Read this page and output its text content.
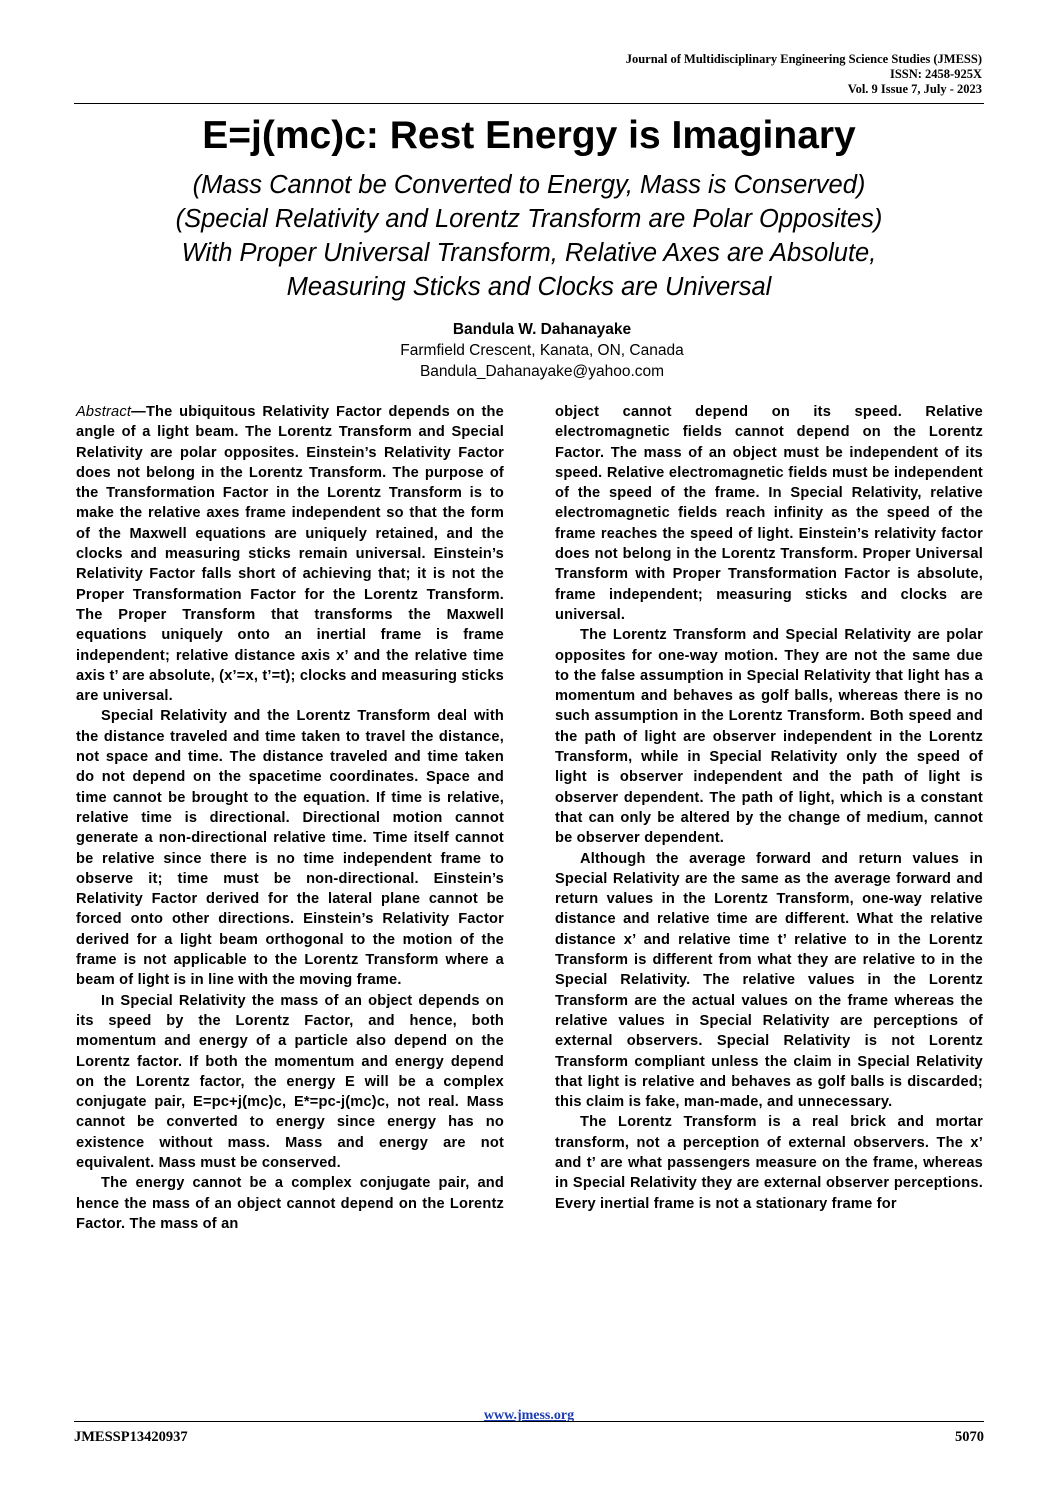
Journal of Multidisciplinary Engineering Science Studies (JMESS)
ISSN: 2458-925X
Vol. 9 Issue 7, July - 2023
E=j(mc)c: Rest Energy is Imaginary
(Mass Cannot be Converted to Energy, Mass is Conserved)
(Special Relativity and Lorentz Transform are Polar Opposites)
With Proper Universal Transform, Relative Axes are Absolute,
Measuring Sticks and Clocks are Universal
Bandula W. Dahanayake
Farmfield Crescent, Kanata, ON, Canada
Bandula_Dahanayake@yahoo.com

Abstract—The ubiquitous Relativity Factor depends on the angle of a light beam. The Lorentz Transform and Special Relativity are polar opposites. Einstein’s Relativity Factor does not belong in the Lorentz Transform. The purpose of the Transformation Factor in the Lorentz Transform is to make the relative axes frame independent so that the form of the Maxwell equations are uniquely retained, and the clocks and measuring sticks remain universal. Einstein’s Relativity Factor falls short of achieving that; it is not the Proper Transformation Factor for the Lorentz Transform. The Proper Transform that transforms the Maxwell equations uniquely onto an inertial frame is frame independent; relative distance axis x’ and the relative time axis t’ are absolute, (x’=x, t’=t); clocks and measuring sticks are universal.

Special Relativity and the Lorentz Transform deal with the distance traveled and time taken to travel the distance, not space and time. The distance traveled and time taken do not depend on the spacetime coordinates. Space and time cannot be brought to the equation. If time is relative, relative time is directional. Directional motion cannot generate a non-directional relative time. Time itself cannot be relative since there is no time independent frame to observe it; time must be non-directional. Einstein’s Relativity Factor derived for the lateral plane cannot be forced onto other directions. Einstein’s Relativity Factor derived for a light beam orthogonal to the motion of the frame is not applicable to the Lorentz Transform where a beam of light is in line with the moving frame.

In Special Relativity the mass of an object depends on its speed by the Lorentz Factor, and hence, both momentum and energy of a particle also depend on the Lorentz factor. If both the momentum and energy depend on the Lorentz factor, the energy E will be a complex conjugate pair, E=pc+j(mc)c, E*=pc-j(mc)c, not real. Mass cannot be converted to energy since energy has no existence without mass. Mass and energy are not equivalent. Mass must be conserved.

The energy cannot be a complex conjugate pair, and hence the mass of an object cannot depend on the Lorentz Factor. The mass of an

object cannot depend on its speed. Relative electromagnetic fields cannot depend on the Lorentz Factor. The mass of an object must be independent of its speed. Relative electromagnetic fields must be independent of the speed of the frame. In Special Relativity, relative electromagnetic fields reach infinity as the speed of the frame reaches the speed of light. Einstein’s relativity factor does not belong in the Lorentz Transform. Proper Universal Transform with Proper Transformation Factor is absolute, frame independent; measuring sticks and clocks are universal.

The Lorentz Transform and Special Relativity are polar opposites for one-way motion. They are not the same due to the false assumption in Special Relativity that light has a momentum and behaves as golf balls, whereas there is no such assumption in the Lorentz Transform. Both speed and the path of light are observer independent in the Lorentz Transform, while in Special Relativity only the speed of light is observer independent and the path of light is observer dependent. The path of light, which is a constant that can only be altered by the change of medium, cannot be observer dependent.

Although the average forward and return values in Special Relativity are the same as the average forward and return values in the Lorentz Transform, one-way relative distance and relative time are different. What the relative distance x’ and relative time t’ relative to in the Lorentz Transform is different from what they are relative to in the Special Relativity. The relative values in the Lorentz Transform are the actual values on the frame whereas the relative values in Special Relativity are perceptions of external observers. Special Relativity is not Lorentz Transform compliant unless the claim in Special Relativity that light is relative and behaves as golf balls is discarded; this claim is fake, man-made, and unnecessary.

The Lorentz Transform is a real brick and mortar transform, not a perception of external observers. The x’ and t’ are what passengers measure on the frame, whereas in Special Relativity they are external observer perceptions. Every inertial frame is not a stationary frame for

www.jmess.org
JMESSP13420937	5070
